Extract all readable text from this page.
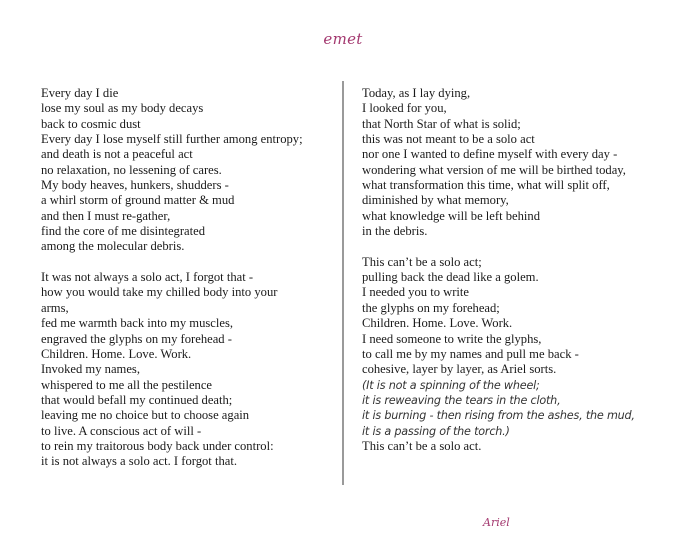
emet
Every day I die
lose my soul as my body decays
back to cosmic dust
Every day I lose myself still further among entropy;
and death is not a peaceful act
no relaxation, no lessening of cares.
My body heaves, hunkers, shudders -
a whirl storm of ground matter & mud
and then I must re-gather,
find the core of me disintegrated
among the molecular debris.
It was not always a solo act, I forgot that -
how you would take my chilled body into your arms,
fed me warmth back into my muscles,
engraved the glyphs on my forehead -
Children. Home. Love. Work.
Invoked my names,
whispered to me all the pestilence
that would befall my continued death;
leaving me no choice but to choose again
to live. A conscious act of will -
to rein my traitorous body back under control:
it is not always a solo act. I forgot that.
Today, as I lay dying,
I looked for you,
that North Star of what is solid;
this was not meant to be a solo act
nor one I wanted to define myself with every day -
wondering what version of me will be birthed today,
what transformation this time, what will split off,
diminished by what memory,
what knowledge will be left behind
in the debris.
This can’t be a solo act;
pulling back the dead like a golem.
I needed you to write
the glyphs on my forehead;
Children. Home. Love. Work.
I need someone to write the glyphs,
to call me by my names and pull me back -
cohesive, layer by layer, as Ariel sorts.
(It is not a spinning of the wheel;
it is reweaving the tears in the cloth,
it is burning - then rising from the ashes, the mud,
it is a passing of the torch.)
This can’t be a solo act.
Ariel
